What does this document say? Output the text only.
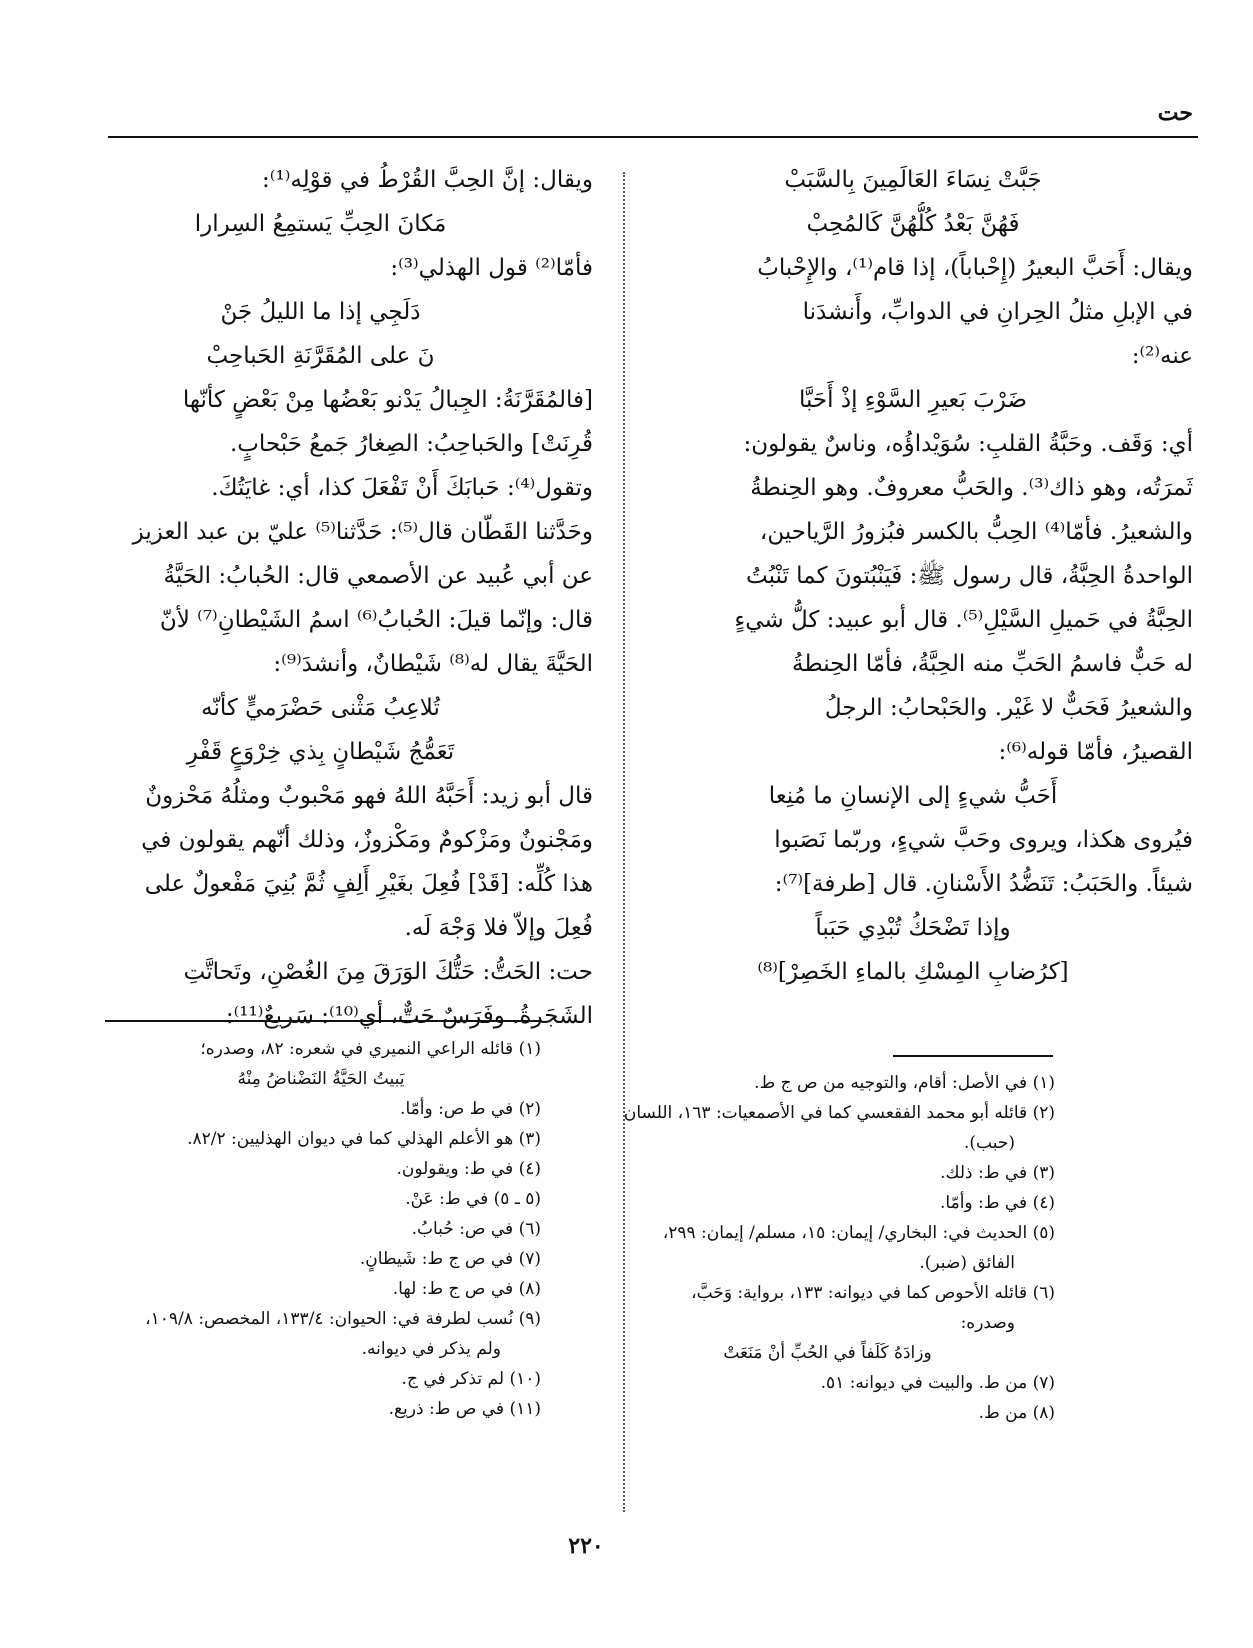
حت
جَبَّتْ نِسَاءَ العَالَمِينَ بِالسَّبَبْ
فَهُنَّ بَعْدُ كُلُّهُنَّ كَالمُحِبْ
ويقال: أَحَبَّ البعيرُ (إِحْباباً)، إذا قام⁽¹⁾، والإِحْبابُ
في الإبلِ مثلُ الحِرانِ في الدوابِّ، وأَنشدَنا
عنه⁽²⁾:
ضَرْبَ بَعيرِ السَّوْءِ إذْ أَحَبَّا
أي: وَقَف. وحَبَّةُ القلبِ: سُوَيْداؤُه، وناسٌ يقولون:
ثَمرَتُه، وهو ذاك⁽³⁾. والحَبُّ معروفٌ. وهو الحِنطةُ
والشعيرُ. فأمّا⁽⁴⁾ الحِبُّ بالكسر فبُزورُ الرَّياحين،
الواحدةُ الحِبَّةُ، قال رسول ﷺ: فَيَنْبُتونَ كما تَنْبُتُ
الحِبَّةُ في حَميلِ السَّيْلِ⁽⁵⁾. قال أبو عبيد: كلُّ شيءٍ
له حَبٌّ فاسمُ الحَبِّ منه الحِبَّةُ، فأمّا الحِنطةُ
والشعيرُ فَحَبٌّ لا غَيْر. والحَبْحابُ: الرجلُ
القصيرُ، فأمّا قوله⁽⁶⁾:
أَحَبُّ شيءٍ إلى الإنسانِ ما مُنِعا
فيُروى هكذا، ويروى وحَبَّ شيءٍ، وربّما نَصَبوا
شيئاً. والحَبَبُ: تَنَضُّدُ الأَسْنانِ. قال [طرفة]⁽⁷⁾:
وإذا تَضْحَكُ تُبْدِي حَبَباً
[كرُضابِ المِسْكِ بالماءِ الخَصِرْ]⁽⁸⁾
ويقال: إنَّ الحِبَّ القُرْطُ في قوْلِه⁽¹⁾:
مَكانَ الحِبِّ يَستمِعُ السِرارا
فأمّا⁽²⁾ قول الهذلي⁽³⁾:
دَلَجِي إذا ما الليلُ جَنْ
نَ على المُقَرَّنَةِ الحَباحِبْ
[فالمُقَرَّنَةُ: الجِبالُ يَدْنو بَعْضُها مِنْ بَعْضٍ كأنّها
قُرِنَتْ] والحَباحِبُ: الصِغارُ جَمعُ حَبْحابٍ.
وتقول⁽⁴⁾: حَبابَكَ أَنْ تَفْعَلَ كذا، أي: غايَتُكَ.
وحَدَّثنا القَطّان قال⁽⁵⁾: حَدَّثنا⁽⁵⁾ عليّ بن عبد العزيز
عن أبي عُبيد عن الأصمعي قال: الحُبابُ: الحَيَّةُ
قال: وإنّما قيلَ: الحُبابُ⁽⁶⁾ اسمُ الشَيْطانِ⁽⁷⁾ لأنّ
الحَيَّةَ يقال له⁽⁸⁾ شَيْطانٌ، وأنشدَ⁽⁹⁾:
تُلاعِبُ مَثْنى حَضْرَميٍّ كأنّه
تَعَمُّجُ شَيْطانٍ بِذي خِرْوَعٍ قَفْرِ
قال أبو زيد: أَحَبَّهُ اللهُ فهو مَحْبوبٌ ومثلُهُ مَحْزونٌ
ومَجْنونٌ ومَزْكومٌ ومَكْزوزٌ، وذلك أنّهم يقولون في
هذا كُلِّه: [قَدْ] فُعِلَ بغَيْرِ أَلِفٍ ثُمَّ بُنِيَ مَفْعولٌ على
فُعِلَ وإلاّ فلا وَجْهَ لَه.
حت: الحَتُّ: حَتُّكَ الوَرَقَ مِنَ الغُصْنِ، وتَحاتَّتِ
الشَجَرةُ. وفَرَسٌ حَتٌّ، أي⁽¹⁰⁾: سَريعٌ⁽¹¹⁾:
(١) قائله الراعي النميري في شعره: ٨٢، وصدره؛
يَبيتُ الحَيَّةُ النَضْناضُ مِنْهُ
(٢) في ط ص: وأمّا.
(٣) هو الأعلم الهذلي كما في ديوان الهذليين: ٨٢/٢.
(٤) في ط: ويقولون.
(٥ ـ ٥) في ط: عَنْ.
(٦) في ص: حُبابُ.
(٧) في ص ج ط: شَيطانٍ.
(٨) في ص ج ط: لها.
(٩) نُسب لطرفة في: الحيوان: ١٣٣/٤، المخصص: ١٠٩/٨،
ولم يذكر في ديوانه.
(١٠) لم تذكر في ج.
(١١) في ص ط: ذريع.
(١) في الأصل: أقام، والتوجيه من ص ج ط.
(٢) قائله أبو محمد الفقعسي كما في الأصمعيات: ١٦٣، اللسان
(حبب).
(٣) في ط: ذلك.
(٤) في ط: وأمّا.
(٥) الحديث في: البخاري/ إيمان: ١٥، مسلم/ إيمان: ٢٩٩،
الفائق (ضبر).
(٦) قائله الأحوص كما في ديوانه: ١٣٣، برواية: وَحَبَّ،
وصدره:
وزادَهُ كَلَفاً في الحُبِّ أنْ مَنَعَتْ
(٧) من ط. والبيت في ديوانه: ٥١.
(٨) من ط.
٢٢٠
